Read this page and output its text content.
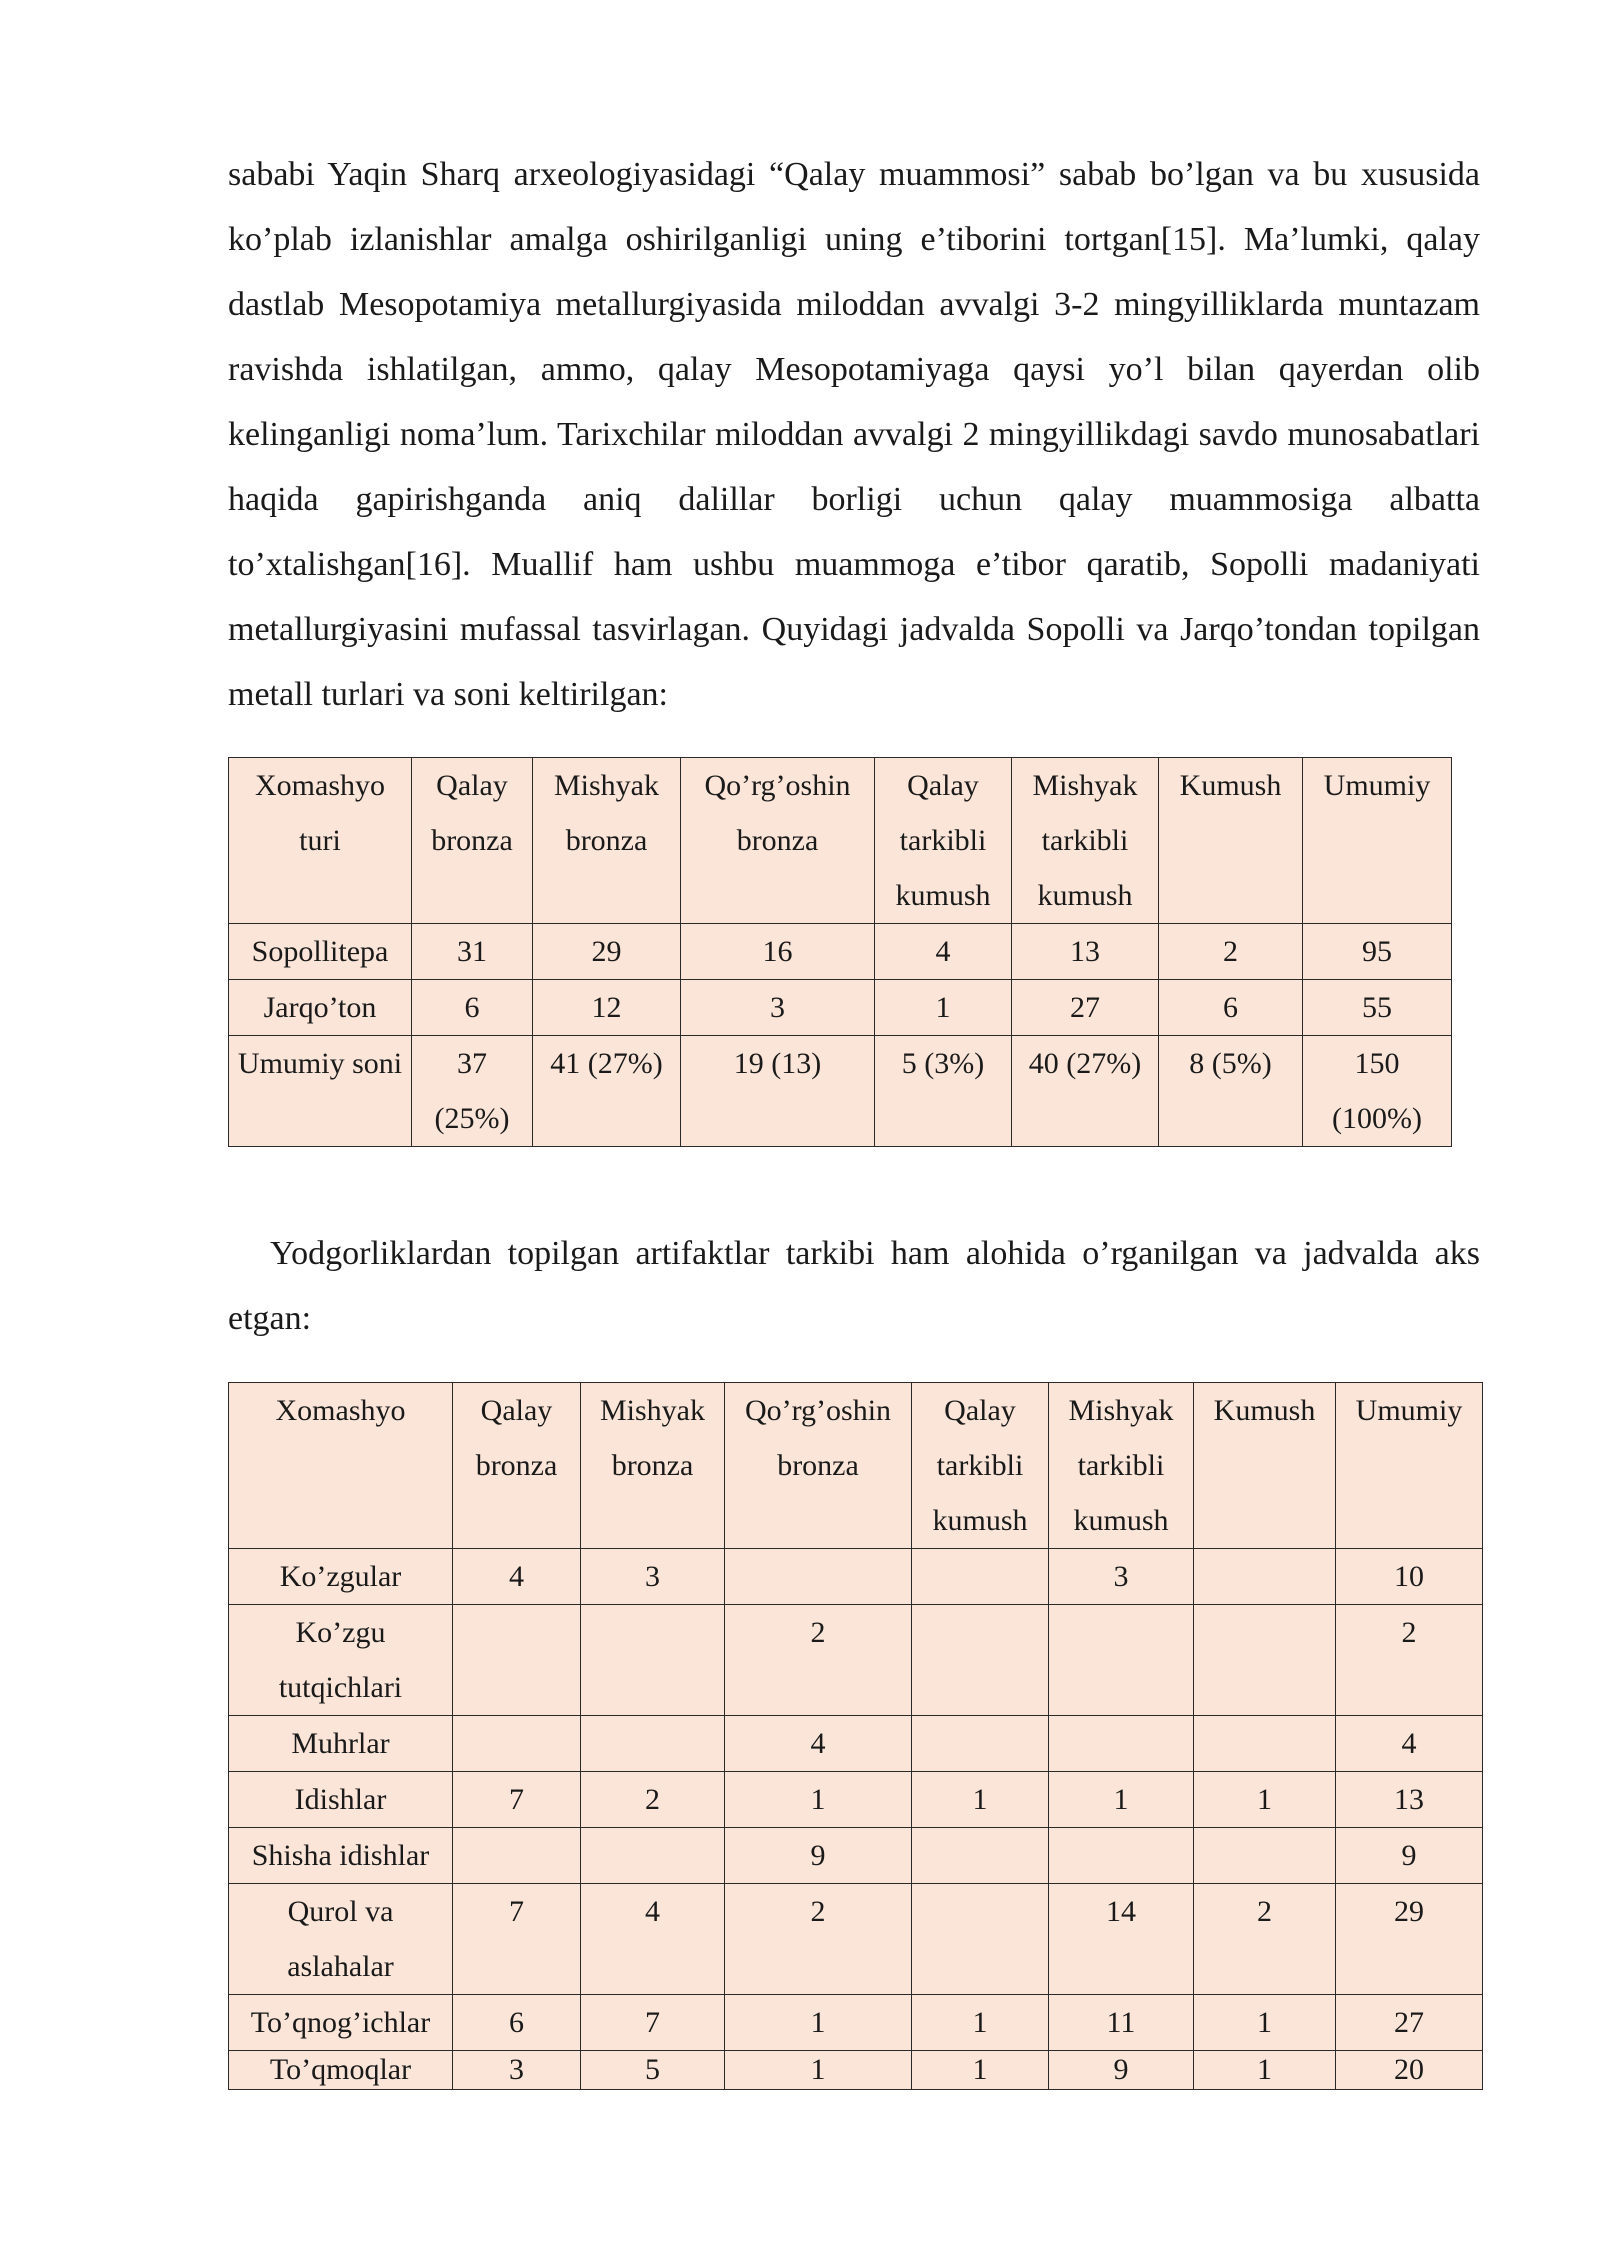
sababi Yaqin Sharq arxeologiyasidagi “Qalay muammosi” sabab bo’lgan va bu xususida ko’plab izlanishlar amalga oshirilganligi uning e’tiborini tortgan[15]. Ma’lumki, qalay dastlab Mesopotamiya metallurgiyasida miloddan avvalgi 3-2 mingyilliklarda muntazam ravishda ishlatilgan, ammo, qalay Mesopotamiyaga qaysi yo’l bilan qayerdan olib kelinganligi noma’lum. Tarixchilar miloddan avvalgi 2 mingyillikdagi savdo munosabatlari haqida gapirishganda aniq dalillar borligi uchun qalay muammosiga albatta to’xtalishgan[16]. Muallif ham ushbu muammoga e’tibor qaratib, Sopolli madaniyati metallurgiyasini mufassal tasvirlagan. Quyidagi jadvalda Sopolli va Jarqo’tondan topilgan metall turlari va soni keltirilgan:

Xomashyo turi	Qalay bronza	Mishyak bronza	Qo’rg’oshin bronza	Qalay tarkibli kumush	Mishyak tarkibli kumush	Kumush	Umumiy
Sopollitepa	31	29	16	4	13	2	95
Jarqo’ton	6	12	3	1	27	6	55
Umumiy soni	37 (25%)	41 (27%)	19 (13)	5 (3%)	40 (27%)	8 (5%)	150 (100%)

Yodgorliklardan topilgan artifaktlar tarkibi ham alohida o’rganilgan va jadvalda aks etgan:

Xomashyo	Qalay bronza	Mishyak bronza	Qo’rg’oshin bronza	Qalay tarkibli kumush	Mishyak tarkibli kumush	Kumush	Umumiy
Ko’zgular	4	3			3		10
Ko’zgu tutqichlari			2				2
Muhrlar			4				4
Idishlar	7	2	1	1	1	1	13
Shisha idishlar			9				9
Qurol va aslahalar	7	4	2		14	2	29
To’qnog’ichlar	6	7	1	1	11	1	27
To’qmoqlar	3	5	1	1	9	1	20
